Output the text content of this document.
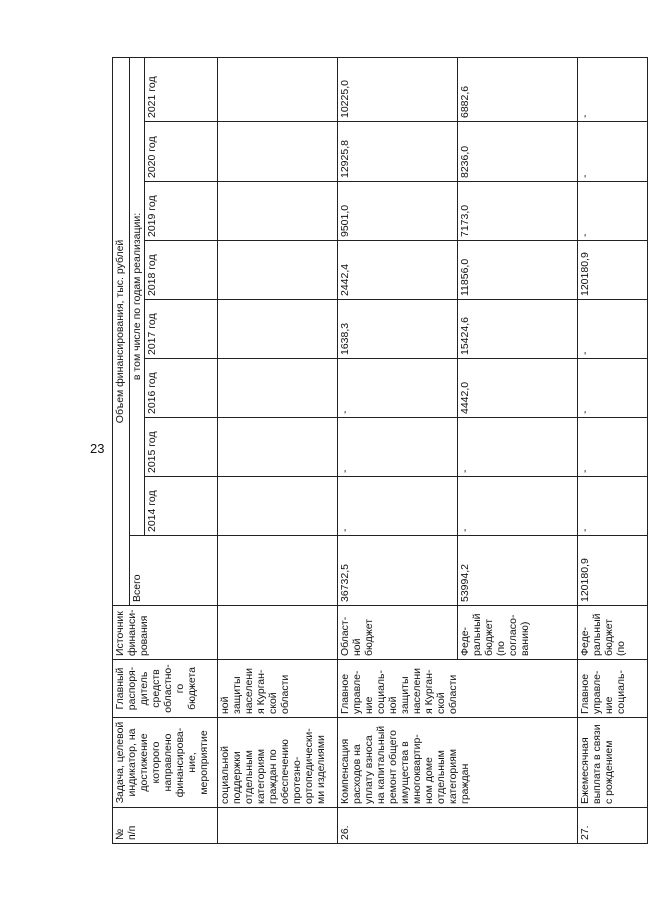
23
№
п/п	Задача, целевой индикатор, на достижение которого направлено финансирова-ние, мероприятие	Главный распоря-дитель средств областно-го бюджета	Источник финанси-рования	Объем финансирования, тыс. рублей								
				Всего	в том числе по годам реализации:							
					2014 год	2015 год	2016 год	2017 год	2018 год	2019 год	2020 год	2021 год
	социальной поддержки отдельным категориям граждан по обеспечению протезно-ортопедически-ми изделиями	ной защиты населения Курган-ской области										
26.	Компенсация расходов на уплату взноса на капитальный ремонт общего имущества в многоквартир-ном доме отдельным категориям граждан	Главное управле-ние социаль-ной защиты населения Курган-ской области	Област-ной бюджет	36732,5	-	-	-	1638,3	2442,4	9501,0	12925,8	10225,0
			Феде-ральный бюджет (по согласо-ванию)	53994,2	-	-	4442,0	15424,6	11856,0	7173,0	8236,0	6882,6
27.	Ежемесячная выплата в связи с рождением	Главное управле-ние социаль-	Феде-ральный бюджет (по	120180,9	-	-	-	-	120180,9	-	-	-
